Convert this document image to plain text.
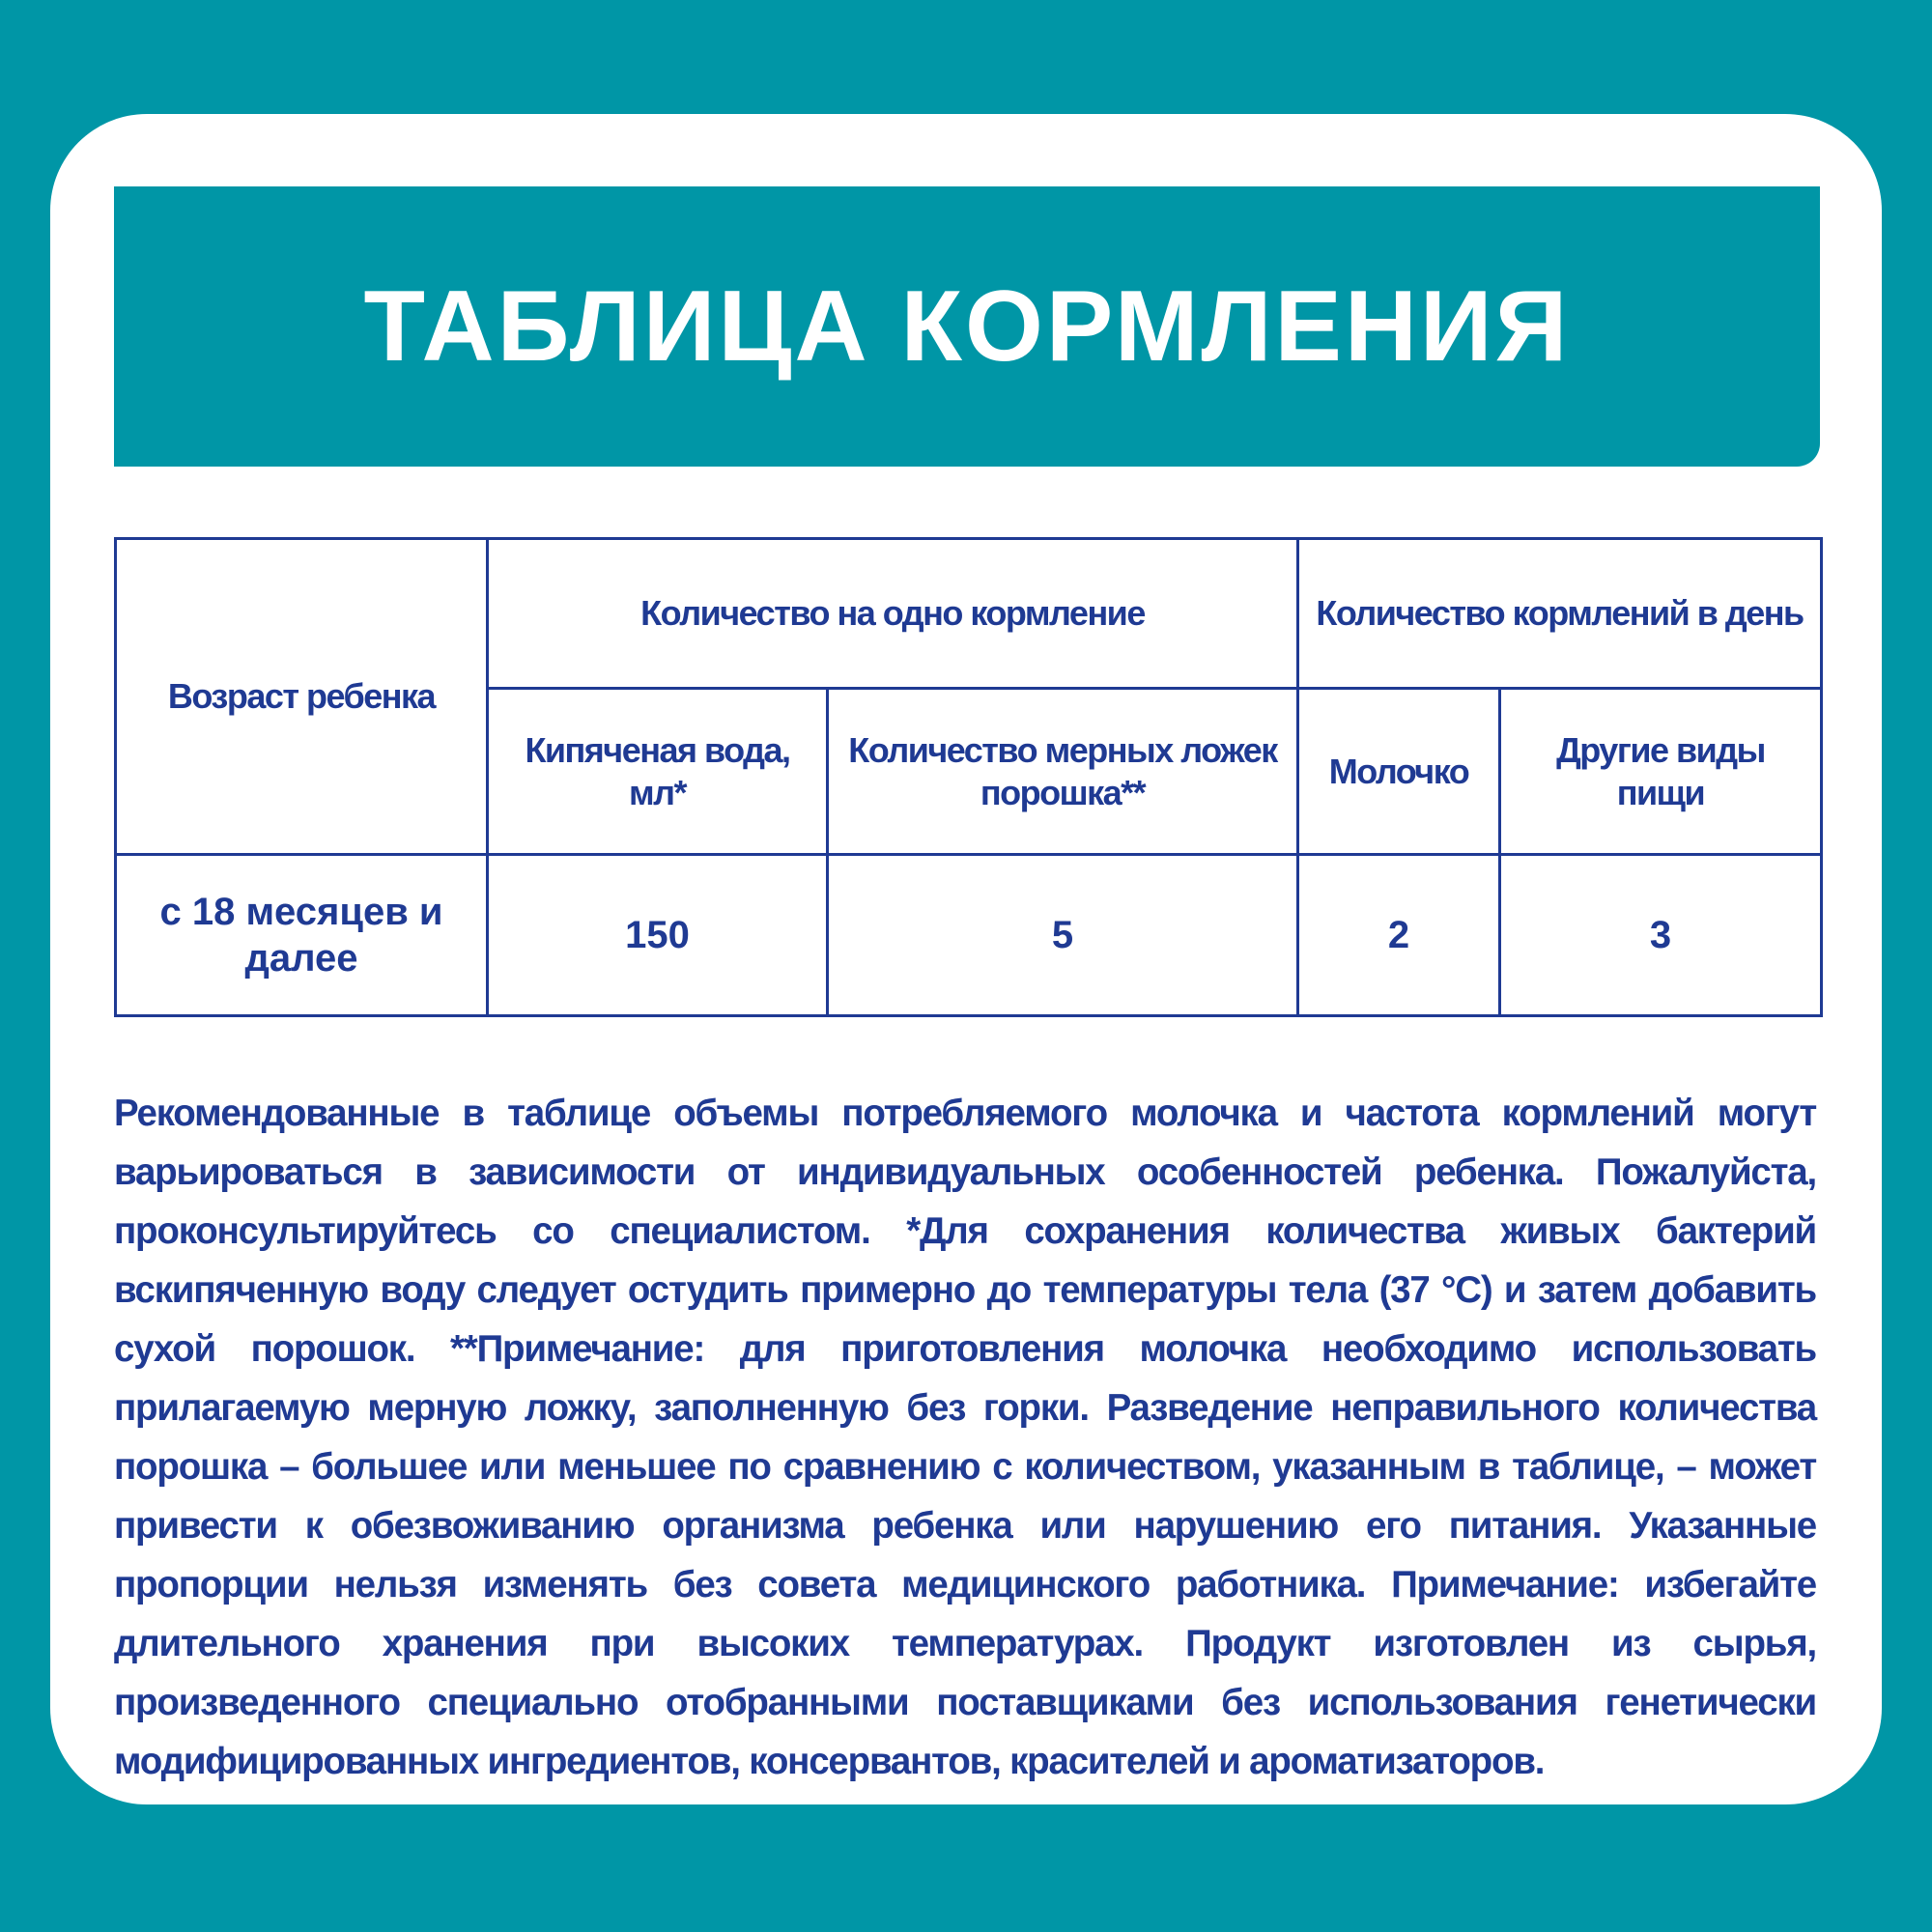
ТАБЛИЦА КОРМЛЕНИЯ
Возраст ребенка	Количество на одно кормление		Количество кормлений в день	
	Кипяченая вода, мл*	Количество мерных ложек порошка**	Молочко	Другие виды пищи
с 18 месяцев и далее	150	5	2	3
Рекомендованные в таблице объемы потребляемого молочка и частота кормлений могут варьироваться в зависимости от индивидуальных особенностей ребенка. Пожалуйста, проконсультируйтесь со специалистом. *Для сохранения количества живых бактерий вскипяченную воду следует остудить примерно до температуры тела (37 °С) и затем добавить сухой порошок. **Примечание: для приготовления молочка необходимо использовать прилагаемую мерную ложку, заполненную без горки. Разведение неправильного количества порошка – большее или меньшее по сравнению с количеством, указанным в таблице, – может привести к обезвоживанию организма ребенка или нарушению его питания. Указанные пропорции нельзя изменять без совета медицинского работника. Примечание: избегайте длительного хранения при высоких температурах. Продукт изготовлен из сырья, произведенного специально отобранными поставщиками без использования генетически модифицированных ингредиентов, консервантов, красителей и ароматизаторов.
